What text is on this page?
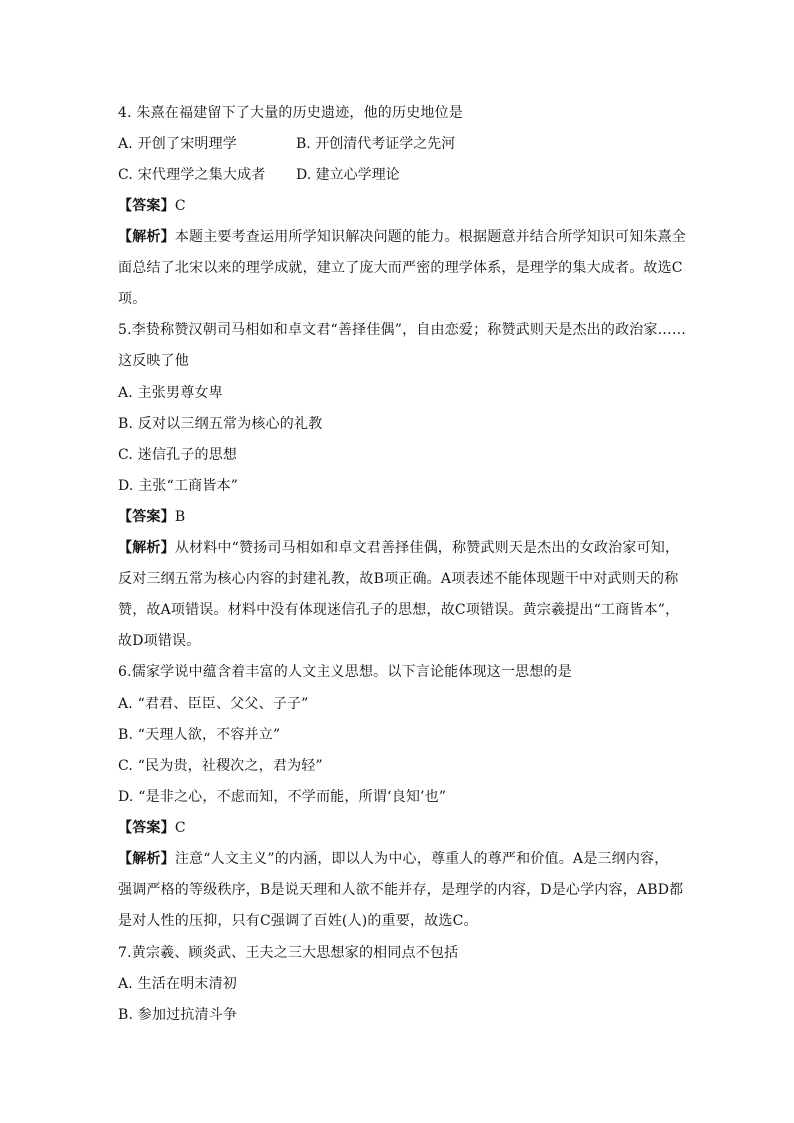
4. 朱熹在福建留下了大量的历史遗迹，他的历史地位是
A. 开创了宋明理学	B. 开创清代考证学之先河
C. 宋代理学之集大成者	D. 建立心学理论
【答案】C
【解析】本题主要考查运用所学知识解决问题的能力。根据题意并结合所学知识可知朱熹全
面总结了北宋以来的理学成就，建立了庞大而严密的理学体系，是理学的集大成者。故选C
项。
5.李贽称赞汉朝司马相如和卓文君“善择佳偶”，自由恋爱；称赞武则天是杰出的政治家……
这反映了他
A. 主张男尊女卑
B. 反对以三纲五常为核心的礼教
C. 迷信孔子的思想
D. 主张“工商皆本”
【答案】B
【解析】从材料中“赞扬司马相如和卓文君善择佳偶，称赞武则天是杰出的女政治家可知，
反对三纲五常为核心内容的封建礼教，故B项正确。A项表述不能体现题干中对武则天的称
赞，故A项错误。材料中没有体现迷信孔子的思想，故C项错误。黄宗羲提出“工商皆本”，
故D项错误。
6.儒家学说中蕴含着丰富的人文主义思想。以下言论能体现这一思想的是
A. “君君、臣臣、父父、子子”
B. “天理人欲，不容并立”
C. “民为贵，社稷次之，君为轻”
D. “是非之心，不虑而知，不学而能，所谓‘良知’也”
【答案】C
【解析】注意“人文主义”的内涵，即以人为中心，尊重人的尊严和价值。A是三纲内容，
强调严格的等级秩序，B是说天理和人欲不能并存，是理学的内容，D是心学内容，ABD都
是对人性的压抑，只有C强调了百姓(人)的重要，故选C。
7.黄宗羲、顾炎武、王夫之三大思想家的相同点不包括
A. 生活在明末清初
B. 参加过抗清斗争
